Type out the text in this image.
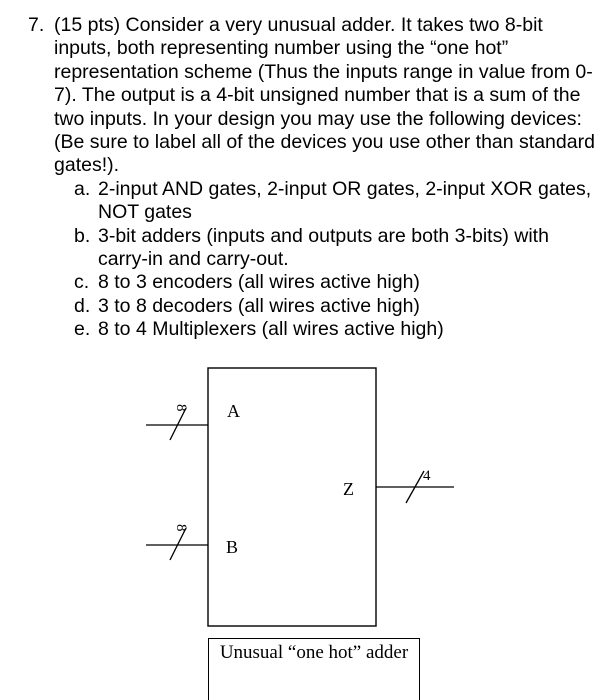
7. (15 pts) Consider a very unusual adder. It takes two 8-bit inputs, both representing number using the “one hot” representation scheme (Thus the inputs range in value from 0-7). The output is a 4-bit unsigned number that is a sum of the two inputs. In your design you may use the following devices: (Be sure to label all of the devices you use other than standard gates!).
a. 2-input AND gates, 2-input OR gates, 2-input XOR gates, NOT gates
b. 3-bit adders (inputs and outputs are both 3-bits) with carry-in and carry-out.
c. 8 to 3 encoders (all wires active high)
d. 3 to 8 decoders (all wires active high)
e. 8 to 4 Multiplexers (all wires active high)
8 A
8
B
4
Z
Unusual “one hot” adder
